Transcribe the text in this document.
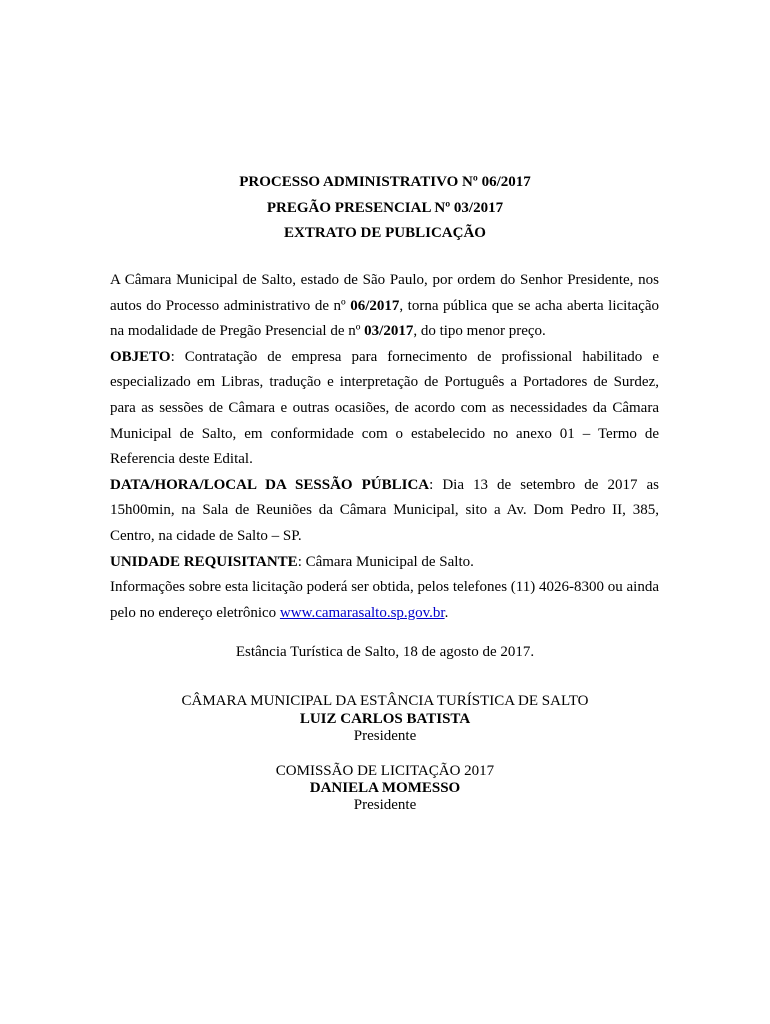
PROCESSO ADMINISTRATIVO Nº 06/2017
PREGÃO PRESENCIAL Nº 03/2017
EXTRATO DE PUBLICAÇÃO

A Câmara Municipal de Salto, estado de São Paulo, por ordem do Senhor Presidente, nos autos do Processo administrativo de nº 06/2017, torna pública que se acha aberta licitação na modalidade de Pregão Presencial de nº 03/2017, do tipo menor preço.

OBJETO: Contratação de empresa para fornecimento de profissional habilitado e especializado em Libras, tradução e interpretação de Português a Portadores de Surdez, para as sessões de Câmara e outras ocasiões, de acordo com as necessidades da Câmara Municipal de Salto, em conformidade com o estabelecido no anexo 01 – Termo de Referencia deste Edital.

DATA/HORA/LOCAL DA SESSÃO PÚBLICA: Dia 13 de setembro de 2017 as 15h00min, na Sala de Reuniões da Câmara Municipal, sito a Av. Dom Pedro II, 385, Centro, na cidade de Salto – SP.

UNIDADE REQUISITANTE: Câmara Municipal de Salto.

Informações sobre esta licitação poderá ser obtida, pelos telefones (11) 4026-8300 ou ainda pelo no endereço eletrônico www.camarasalto.sp.gov.br.

Estância Turística de Salto, 18 de agosto de 2017.
CÂMARA MUNICIPAL DA ESTÂNCIA TURÍSTICA DE SALTO
LUIZ CARLOS BATISTA
Presidente
COMISSÃO DE LICITAÇÃO 2017
DANIELA MOMESSO
Presidente
